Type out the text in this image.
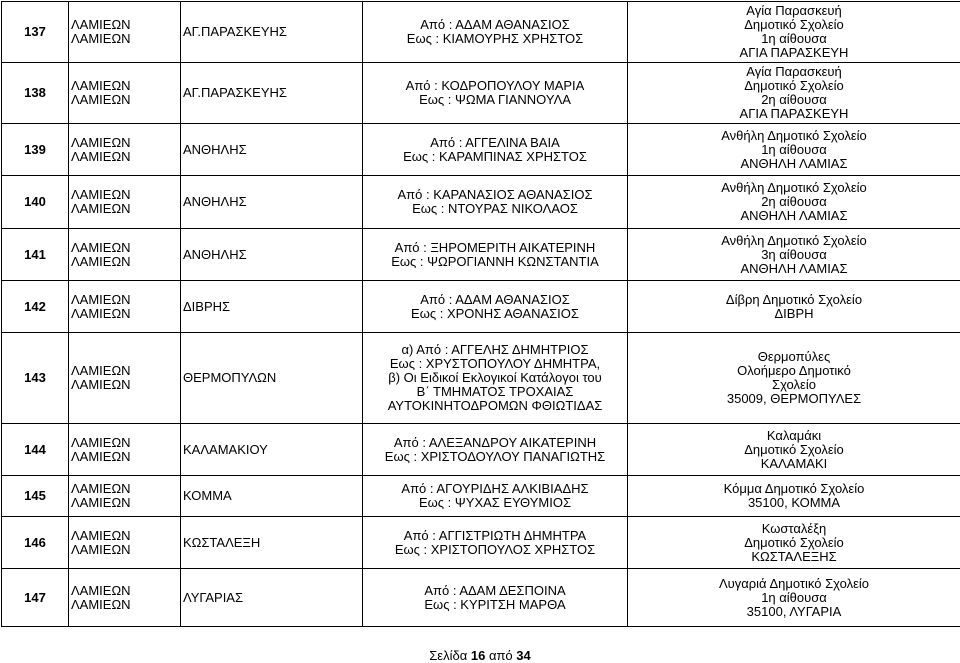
137	ΛΑΜΙΕΩΝ
ΛΑΜΙΕΩΝ	ΑΓ.ΠΑΡΑΣΚΕΥΗΣ	Από : ΑΔΑΜ ΑΘΑΝΑΣΙΟΣ
Εως : ΚΙΑΜΟΥΡΗΣ ΧΡΗΣΤΟΣ	Αγία Παρασκευή
Δημοτικό Σχολείο
1η αίθουσα
ΑΓΙΑ ΠΑΡΑΣΚΕΥΗ

138	ΛΑΜΙΕΩΝ
ΛΑΜΙΕΩΝ	ΑΓ.ΠΑΡΑΣΚΕΥΗΣ	Από : ΚΟΔΡΟΠΟΥΛΟΥ ΜΑΡΙΑ
Εως : ΨΩΜΑ ΓΙΑΝΝΟΥΛΑ	Αγία Παρασκευή
Δημοτικό Σχολείο
2η αίθουσα
ΑΓΙΑ ΠΑΡΑΣΚΕΥΗ

139	ΛΑΜΙΕΩΝ
ΛΑΜΙΕΩΝ	ΑΝΘΗΛΗΣ	Από : ΑΓΓΕΛΙΝΑ ΒΑΙΑ
Εως : ΚΑΡΑΜΠΙΝΑΣ ΧΡΗΣΤΟΣ	Ανθήλη Δημοτικό Σχολείο
1η αίθουσα
ΑΝΘΗΛΗ ΛΑΜΙΑΣ

140	ΛΑΜΙΕΩΝ
ΛΑΜΙΕΩΝ	ΑΝΘΗΛΗΣ	Από : ΚΑΡΑΝΑΣΙΟΣ ΑΘΑΝΑΣΙΟΣ
Εως : ΝΤΟΥΡΑΣ ΝΙΚΟΛΑΟΣ	Ανθήλη Δημοτικό Σχολείο
2η αίθουσα
ΑΝΘΗΛΗ ΛΑΜΙΑΣ

141	ΛΑΜΙΕΩΝ
ΛΑΜΙΕΩΝ	ΑΝΘΗΛΗΣ	Από : ΞΗΡΟΜΕΡΙΤΗ ΑΙΚΑΤΕΡΙΝΗ
Εως : ΨΩΡΟΓΙΑΝΝΗ ΚΩΝΣΤΑΝΤΙΑ	Ανθήλη Δημοτικό Σχολείο
3η αίθουσα
ΑΝΘΗΛΗ ΛΑΜΙΑΣ

142	ΛΑΜΙΕΩΝ
ΛΑΜΙΕΩΝ	ΔΙΒΡΗΣ	Από : ΑΔΑΜ ΑΘΑΝΑΣΙΟΣ
Εως : ΧΡΟΝΗΣ ΑΘΑΝΑΣΙΟΣ	Δίβρη Δημοτικό Σχολείο
ΔΙΒΡΗ

143	ΛΑΜΙΕΩΝ
ΛΑΜΙΕΩΝ	ΘΕΡΜΟΠΥΛΩΝ	α) Από : ΑΓΓΕΛΗΣ ΔΗΜΗΤΡΙΟΣ
Εως : ΧΡΥΣΤΟΠΟΥΛΟΥ ΔΗΜΗΤΡΑ,
β) Οι Ειδικοί Εκλογικοί Κατάλογοι του
Β΄ ΤΜΗΜΑΤΟΣ ΤΡΟΧΑΙΑΣ
ΑΥΤΟΚΙΝΗΤΟΔΡΟΜΩΝ ΦΘΙΩΤΙΔΑΣ	Θερμοπύλες
Ολοήμερο Δημοτικό
Σχολείο
35009, ΘΕΡΜΟΠΥΛΕΣ

144	ΛΑΜΙΕΩΝ
ΛΑΜΙΕΩΝ	ΚΑΛΑΜΑΚΙΟΥ	Από : ΑΛΕΞΑΝΔΡΟΥ ΑΙΚΑΤΕΡΙΝΗ
Εως : ΧΡΙΣΤΟΔΟΥΛΟΥ ΠΑΝΑΓΙΩΤΗΣ	Καλαμάκι
Δημοτικό Σχολείο
ΚΑΛΑΜΑΚΙ

145	ΛΑΜΙΕΩΝ
ΛΑΜΙΕΩΝ	ΚΟΜΜΑ	Από : ΑΓΟΥΡΙΔΗΣ ΑΛΚΙΒΙΑΔΗΣ
Εως : ΨΥΧΑΣ ΕΥΘΥΜΙΟΣ	Κόμμα Δημοτικό Σχολείο
35100, ΚΟΜΜΑ

146	ΛΑΜΙΕΩΝ
ΛΑΜΙΕΩΝ	ΚΩΣΤΑΛΕΞΗ	Από : ΑΓΓΙΣΤΡΙΩΤΗ ΔΗΜΗΤΡΑ
Εως : ΧΡΙΣΤΟΠΟΥΛΟΣ ΧΡΗΣΤΟΣ	Κωσταλέξη
Δημοτικό Σχολείο
ΚΩΣΤΑΛΕΞΗΣ

147	ΛΑΜΙΕΩΝ
ΛΑΜΙΕΩΝ	ΛΥΓΑΡΙΑΣ	Από : ΑΔΑΜ ΔΕΣΠΟΙΝΑ
Εως : ΚΥΡΙΤΣΗ ΜΑΡΘΑ	Λυγαριά Δημοτικό Σχολείο
1η αίθουσα
35100, ΛΥΓΑΡΙΑ
Σελίδα 16 από 34
